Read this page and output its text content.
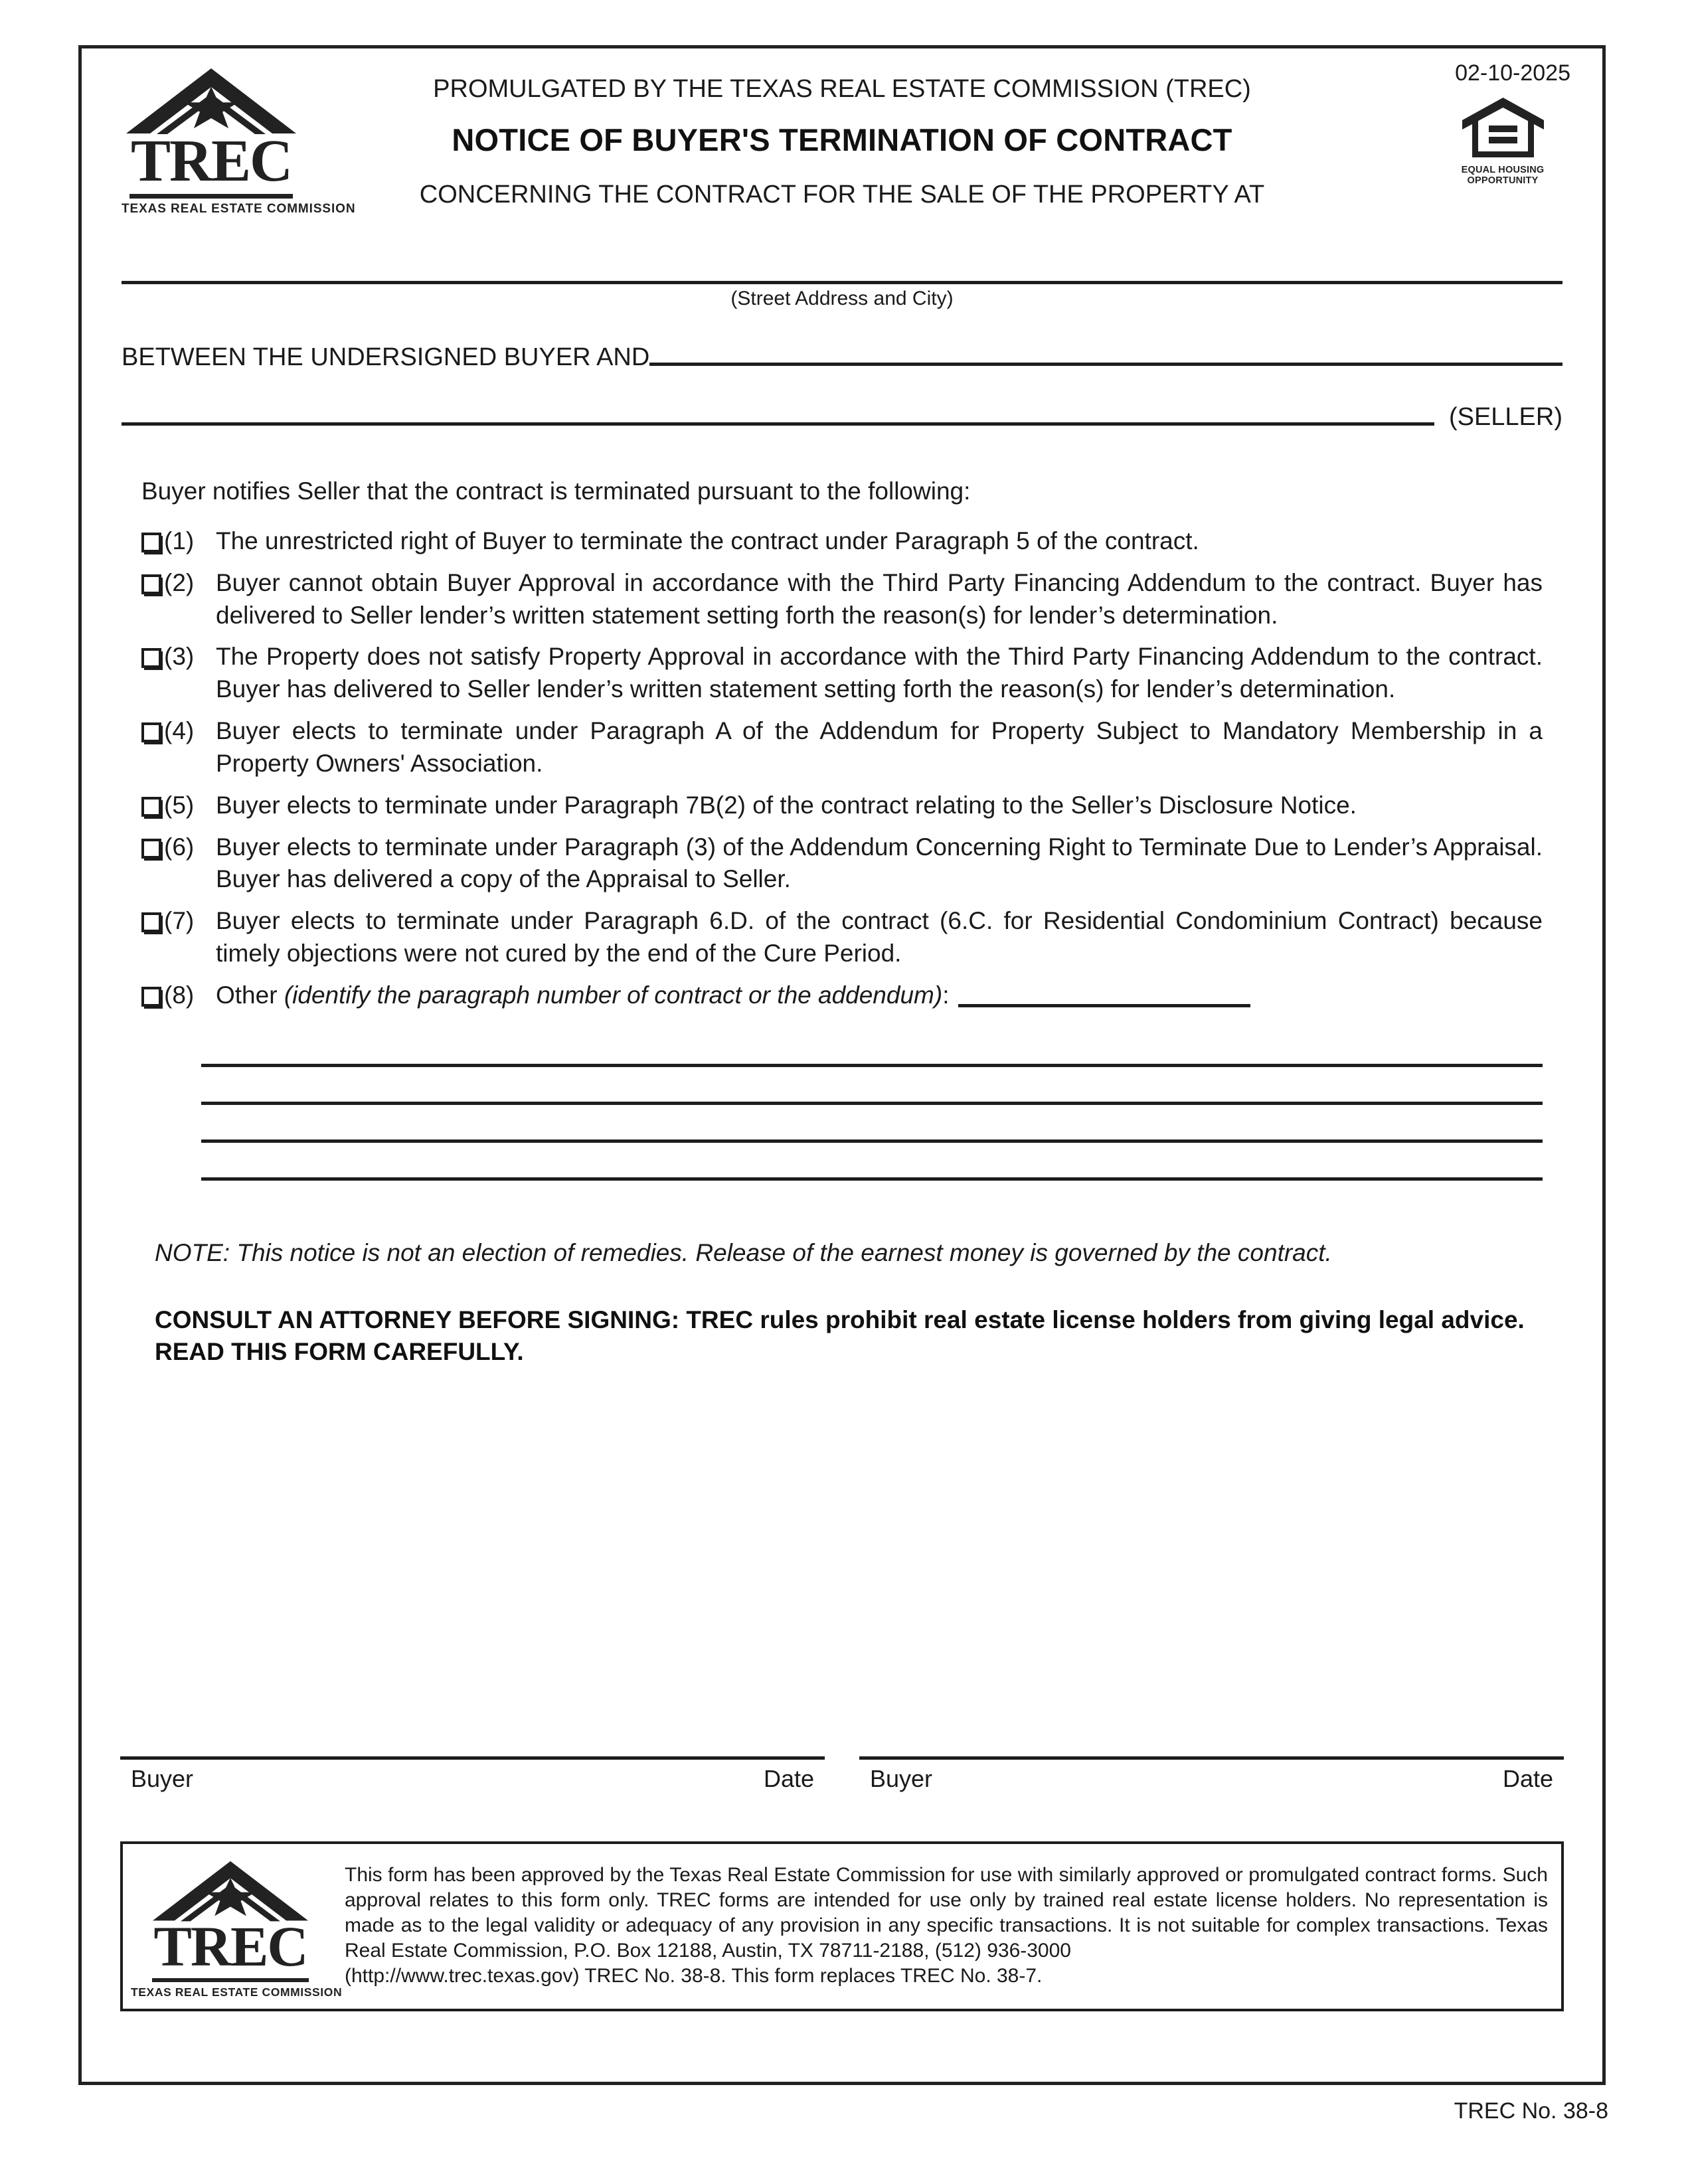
TREC
TEXAS REAL ESTATE COMMISSION
PROMULGATED BY THE TEXAS REAL ESTATE COMMISSION (TREC)
NOTICE OF BUYER'S TERMINATION OF CONTRACT
CONCERNING THE CONTRACT FOR THE SALE OF THE PROPERTY AT
02-10-2025
EQUAL HOUSING
OPPORTUNITY
(Street Address and City)
BETWEEN THE UNDERSIGNED BUYER AND
(SELLER)
Buyer notifies Seller that the contract is terminated pursuant to the following:
(1) The unrestricted right of Buyer to terminate the contract under Paragraph 5 of the contract.
(2) Buyer cannot obtain Buyer Approval in accordance with the Third Party Financing Addendum to the contract. Buyer has delivered to Seller lender’s written statement setting forth the reason(s) for lender’s determination.
(3) The Property does not satisfy Property Approval in accordance with the Third Party Financing Addendum to the contract. Buyer has delivered to Seller lender’s written statement setting forth the reason(s) for lender’s determination.
(4) Buyer elects to terminate under Paragraph A of the Addendum for Property Subject to Mandatory Membership in a Property Owners' Association.
(5) Buyer elects to terminate under Paragraph 7B(2) of the contract relating to the Seller’s Disclosure Notice.
(6) Buyer elects to terminate under Paragraph (3) of the Addendum Concerning Right to Terminate Due to Lender’s Appraisal. Buyer has delivered a copy of the Appraisal to Seller.
(7) Buyer elects to terminate under Paragraph 6.D. of the contract (6.C. for Residential Condominium Contract) because timely objections were not cured by the end of the Cure Period.
(8) Other (identify the paragraph number of contract or the addendum):
NOTE: This notice is not an election of remedies. Release of the earnest money is governed by the contract.
CONSULT AN ATTORNEY BEFORE SIGNING: TREC rules prohibit real estate license holders from giving legal advice. READ THIS FORM CAREFULLY.
Buyer	Date Buyer	Date
TREC
TEXAS REAL ESTATE COMMISSION

This form has been approved by the Texas Real Estate Commission for use with similarly approved or promulgated contract forms. Such approval relates to this form only. TREC forms are intended for use only by trained real estate license holders. No representation is made as to the legal validity or adequacy of any provision in any specific transactions. It is not suitable for complex transactions. Texas Real Estate Commission, P.O. Box 12188, Austin, TX 78711-2188, (512) 936-3000

(http://www.trec.texas.gov) TREC No. 38-8. This form replaces TREC No. 38-7.

TREC No. 38-8
